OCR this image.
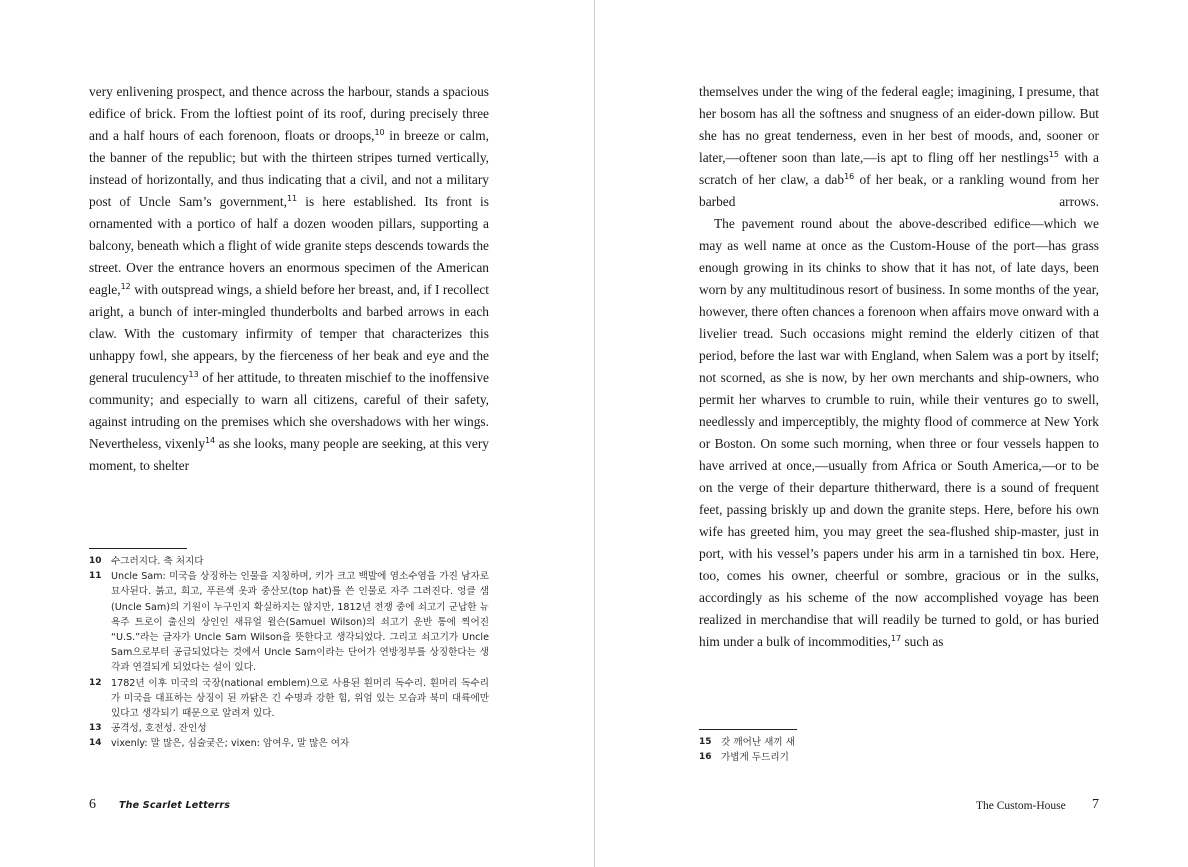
very enlivening prospect, and thence across the harbour, stands a spacious edifice of brick. From the loftiest point of its roof, during precisely three and a half hours of each forenoon, floats or droops,$^{10}$ in breeze or calm, the banner of the republic; but with the thirteen stripes turned vertically, instead of horizontally, and thus indicating that a civil, and not a military post of Uncle Sam’s government,$^{11}$ is here established. Its front is ornamented with a portico of half a dozen wooden pillars, supporting a balcony, beneath which a flight of wide granite steps descends towards the street. Over the entrance hovers an enormous specimen of the American eagle,$^{12}$ with outspread wings, a shield before her breast, and, if I recollect aright, a bunch of inter-mingled thunderbolts and barbed arrows in each claw. With the customary infirmity of temper that characterizes this unhappy fowl, she appears, by the fierceness of her beak and eye and the general truculency$^{13}$ of her attitude, to threaten mischief to the inoffensive community; and especially to warn all citizens, careful of their safety, against intruding on the premises which she overshadows with her wings. Nevertheless, vixenly$^{14}$ as she looks, many people are seeking, at this very moment, to shelter

10 수그러지다. 축 처지다
11 Uncle Sam: 미국을 상징하는 인물을 지칭하며, 키가 크고 백발에 염소수염을 가진 남자로 묘사된다. 붉고, 희고, 푸른색 옷과 중산모(top hat)를 쓴 인물로 자주 그려진다. 엉클 샘(Uncle Sam)의 기원이 누구인지 확실하지는 않지만, 1812년 전쟁 중에 쇠고기 군납한 뉴욕주 트로이 출신의 상인인 새뮤얼 윌슨(Samuel Wilson)의 쇠고기 운반 통에 찍어진 “U.S.”라는 글자가 Uncle Sam Wilson을 뜻한다고 생각되었다. 그리고 쇠고기가 Uncle Sam으로부터 공급되었다는 것에서 Uncle Sam이라는 단어가 연방정부를 상징한다는 생각과 연결되게 되었다는 설이 있다.
12 1782년 이후 미국의 국장(national emblem)으로 사용된 흰머리 독수리. 흰머리 독수리가 미국을 대표하는 상징이 된 까닭은 긴 수명과 강한 힘, 위엄 있는 모습과 북미 대륙에만 있다고 생각되기 때문으로 알려져 있다.
13 공격성, 호전성. 잔인성
14 vixenly: 말 많은, 심술궂은; vixen: 암여우, 말 많은 여자
6 The Scarlet Letterrs

themselves under the wing of the federal eagle; imagining, I presume, that her bosom has all the softness and snugness of an eider-down pillow. But she has no great tenderness, even in her best of moods, and, sooner or later,—oftener soon than late,—is apt to fling off her nestlings$^{15}$ with a scratch of her claw, a dab$^{16}$ of her beak, or a rankling wound from her barbed arrows.

The pavement round about the above-described edifice—which we may as well name at once as the Custom-House of the port—has grass enough growing in its chinks to show that it has not, of late days, been worn by any multitudinous resort of business. In some months of the year, however, there often chances a forenoon when affairs move onward with a livelier tread. Such occasions might remind the elderly citizen of that period, before the last war with England, when Salem was a port by itself; not scorned, as she is now, by her own merchants and ship-owners, who permit her wharves to crumble to ruin, while their ventures go to swell, needlessly and imperceptibly, the mighty flood of commerce at New York or Boston. On some such morning, when three or four vessels happen to have arrived at once,—usually from Africa or South America,—or to be on the verge of their departure thitherward, there is a sound of frequent feet, passing briskly up and down the granite steps. Here, before his own wife has greeted him, you may greet the sea-flushed ship-master, just in port, with his vessel’s papers under his arm in a tarnished tin box. Here, too, comes his owner, cheerful or sombre, gracious or in the sulks, accordingly as his scheme of the now accomplished voyage has been realized in merchandise that will readily be turned to gold, or has buried him under a bulk of incommodities,$^{17}$ such as

15 갓 깨어난 새끼 새
16 가볍게 두드리기
The Custom-House 7
